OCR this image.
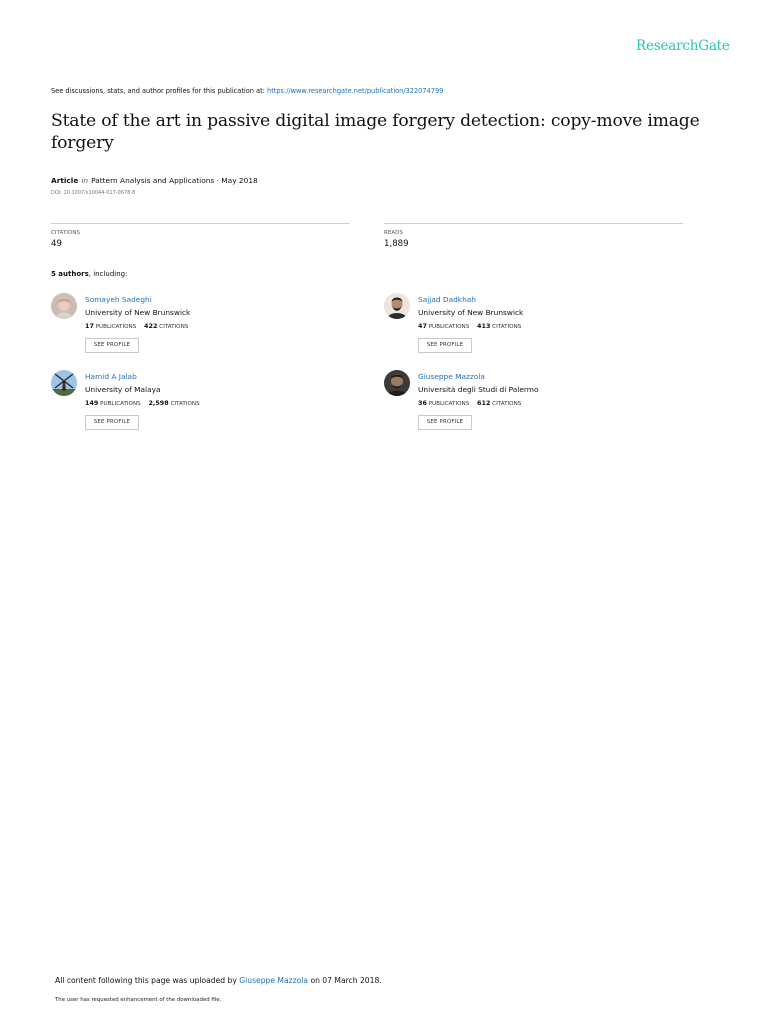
ResearchGate
See discussions, stats, and author profiles for this publication at: https://www.researchgate.net/publication/322074799
State of the art in passive digital image forgery detection: copy-move image forgery
Article in Pattern Analysis and Applications · May 2018
DOI: 10.1007/s10044-017-0678-8
CITATIONS
49
READS
1,889
5 authors, including:
Somayeh Sadeghi
University of New Brunswick
17 PUBLICATIONS 422 CITATIONS
SEE PROFILE
Sajjad Dadkhah
University of New Brunswick
47 PUBLICATIONS 413 CITATIONS
SEE PROFILE
Hamid A Jalab
University of Malaya
149 PUBLICATIONS 2,598 CITATIONS
SEE PROFILE
Giuseppe Mazzola
Università degli Studi di Palermo
36 PUBLICATIONS 612 CITATIONS
SEE PROFILE
All content following this page was uploaded by Giuseppe Mazzola on 07 March 2018.
The user has requested enhancement of the downloaded file.
